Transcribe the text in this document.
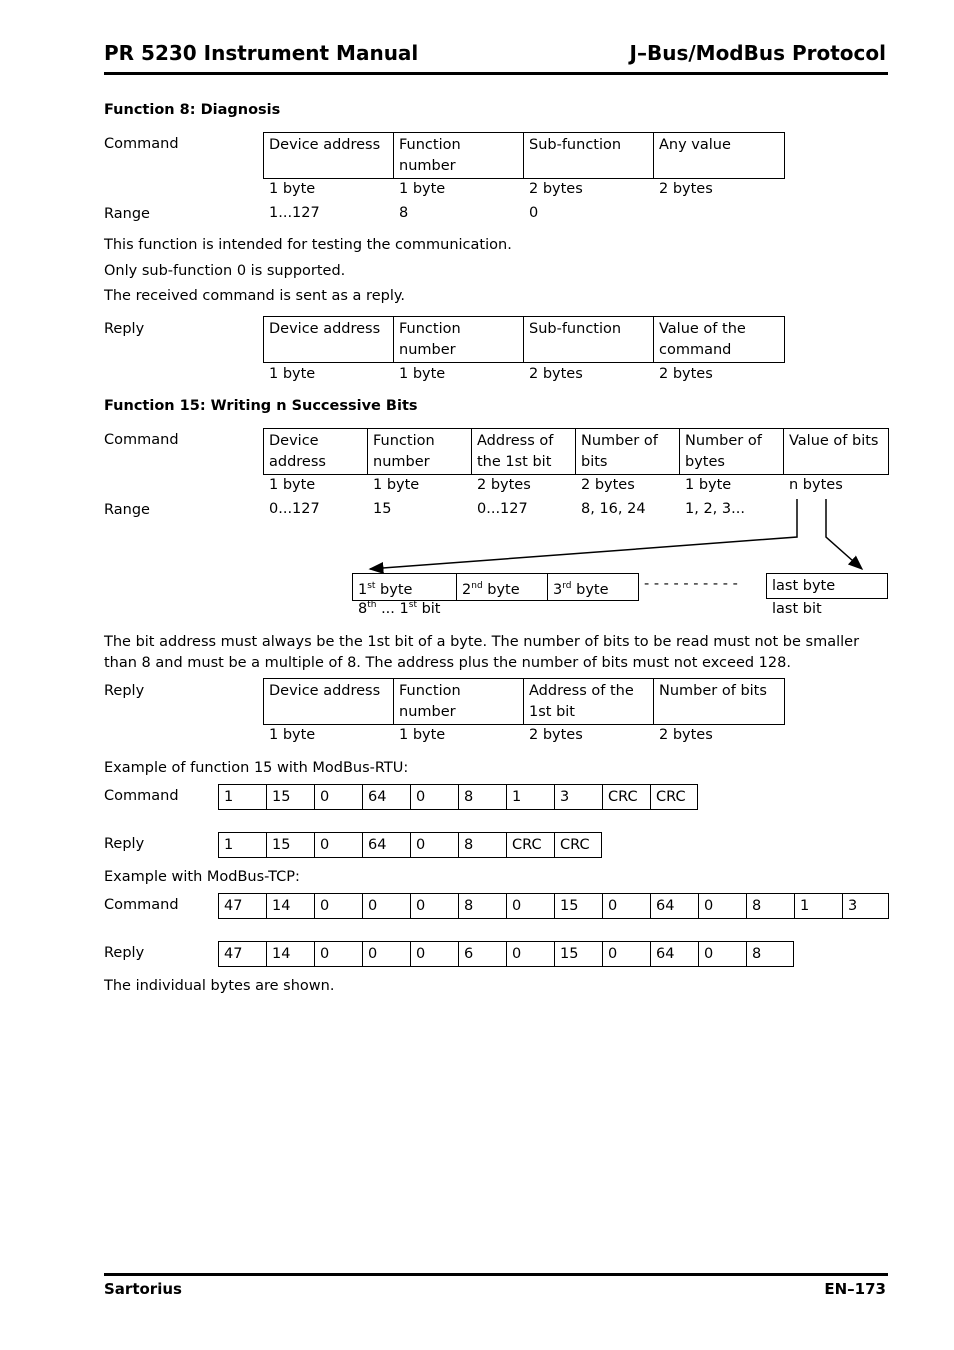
PR 5230 Instrument Manual	J–Bus/ModBus Protocol
Function 8: Diagnosis
Command	Device address	Function number	Sub-function	Any value
1 byte	1 byte	2 bytes	2 bytes
Range	1...127	8	0
This function is intended for testing the communication.
Only sub-function 0 is supported.
The received command is sent as a reply.
Reply	Device address	Function number	Sub-function	Value of the command
1 byte	1 byte	2 bytes	2 bytes
Function 15: Writing n Successive Bits
Command	Device address	Function number	Address of the 1st bit	Number of bits	Number of bytes	Value of bits
1 byte	1 byte	2 bytes	2 bytes	1 byte	n bytes
Range	0...127	15	0...127	8, 16, 24	1, 2, 3...
1st byte	2nd byte	3rd byte - - - - - - - - - - last byte
8th ... 1st bit	last bit
The bit address must always be the 1st bit of a byte. The number of bits to be read must not be smaller than 8 and must be a multiple of 8. The address plus the number of bits must not exceed 128.
Reply	Device address	Function number	Address of the 1st bit	Number of bits
1 byte	1 byte	2 bytes	2 bytes
Example of function 15 with ModBus-RTU:
Command	1	15	0	64	0	8	1	3	CRC	CRC
Reply	1	15	0	64	0	8	CRC	CRC
Example with ModBus-TCP:
Command	47	14	0	0	0	8	0	15	0	64	0	8	1	3
Reply	47	14	0	0	0	6	0	15	0	64	0	8
The individual bytes are shown.
Sartorius	EN–173
